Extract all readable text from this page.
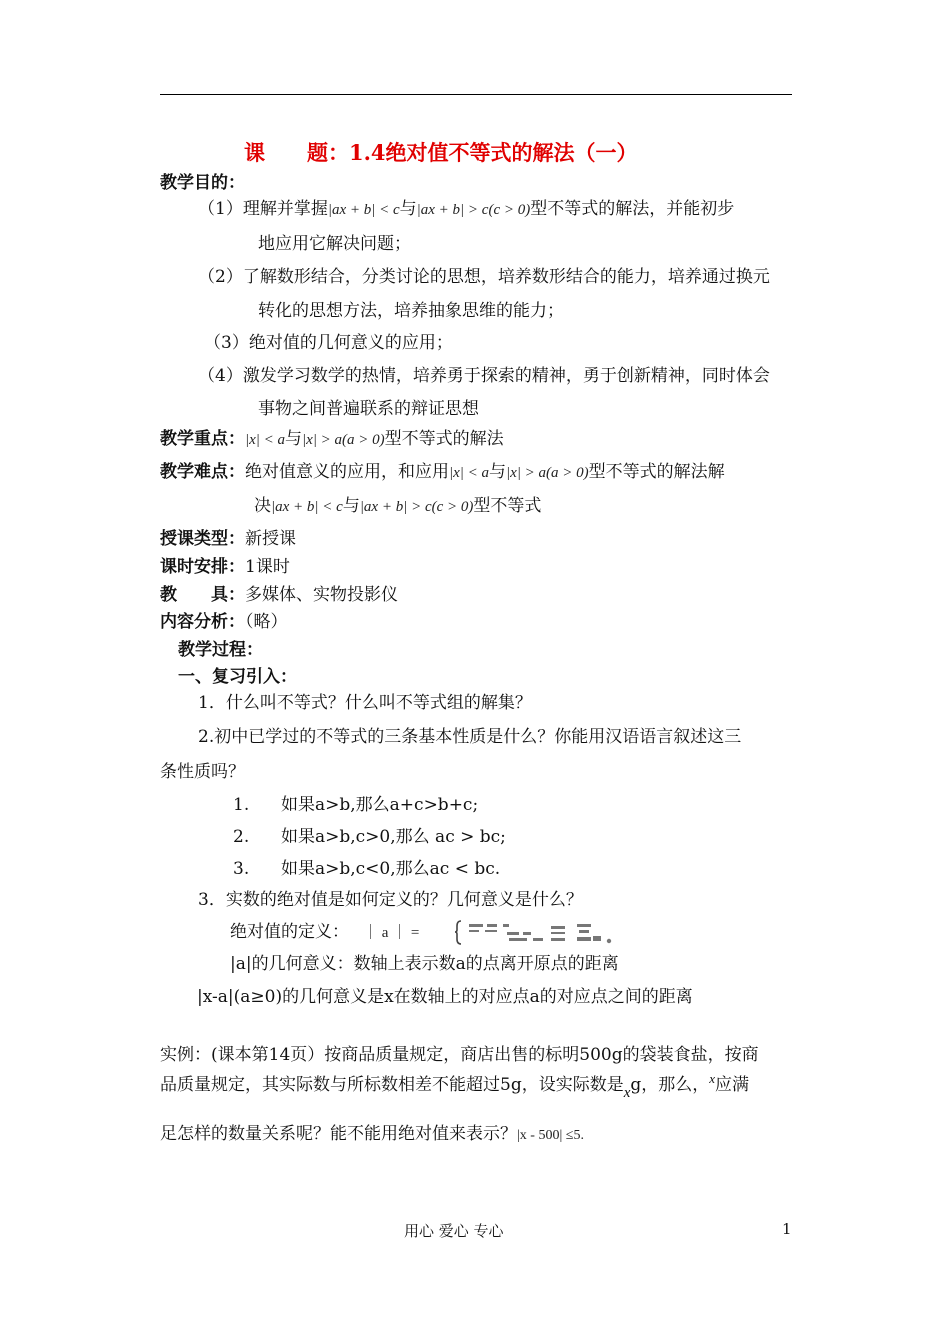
课 题：1.4绝对值不等式的解法（一）
教学目的：
（1）理解并掌握|ax + b| < c与|ax + b| > c(c > 0)型不等式的解法，并能初步
地应用它解决问题；
（2）了解数形结合，分类讨论的思想，培养数形结合的能力，培养通过换元
转化的思想方法，培养抽象思维的能力；
（3）绝对值的几何意义的应用；
（4）激发学习数学的热情，培养勇于探索的精神，勇于创新精神，同时体会
事物之间普遍联系的辩证思想
教学重点：|x| < a与|x| > a(a > 0)型不等式的解法
教学难点：绝对值意义的应用，和应用|x| < a与|x| > a(a > 0)型不等式的解法解
决|ax + b| < c与|ax + b| > c(c > 0)型不等式
授课类型：新授课
课时安排：1课时
教 具：多媒体、实物投影仪
内容分析：（略）
教学过程：
一、复习引入：
1．什么叫不等式？什么叫不等式组的解集？
2.初中已学过的不等式的三条基本性质是什么？你能用汉语语言叙述这三
条性质吗？
1. 如果a>b,那么a+c>b+c;
2. 如果a>b,c>0,那么 ac > bc;
3. 如果a>b,c<0,那么ac < bc.
3．实数的绝对值是如何定义的？几何意义是什么？
绝对值的定义： ｜ a ｜ =
|a|的几何意义：数轴上表示数a的点离开原点的距离
|x-a|(a≥0)的几何意义是x在数轴上的对应点a的对应点之间的距离
实例：(课本第14页）按商品质量规定，商店出售的标明500g的袋装食盐，按商
品质量规定，其实际数与所标数相差不能超过5g，设实际数是xg，那么，$^x$应满
足怎样的数量关系呢？能不能用绝对值来表示？|x - 500| ≤5.
用心 爱心 专心	1
